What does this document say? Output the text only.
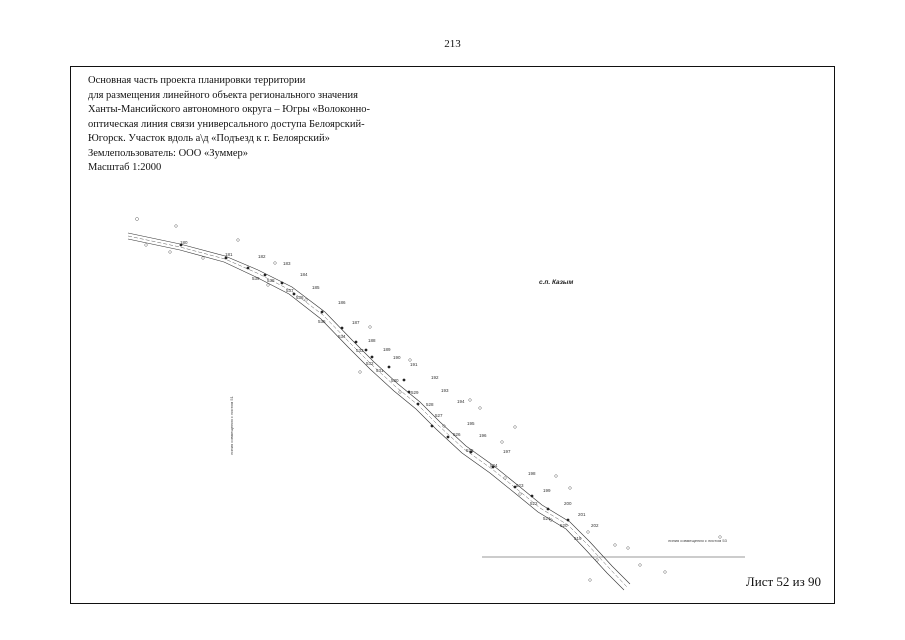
213
Основная часть проекта планировки территории
для размещения линейного объекта регионального значения
Ханты-Мансийского автономного округа – Югры «Волоконно-
оптическая линия связи универсального доступа Белоярский-
Югорск. Участок вдоль а\д «Подъезд к г. Белоярский»
Землепользователь: ООО «Зуммер»
Масштаб 1:2000
180
181	182
183
184
185
186
187
188
189
190
191
192
193
194
195
196
197
198
199
200
201
202
539 538
537
536
535
534
533
532
531
530
529
528
527
526
525
524
523
522
521
520
519
с.п. Казым
линия совмещения с листом 51
линия совмещения с листом 53
Лист 52 из 90
